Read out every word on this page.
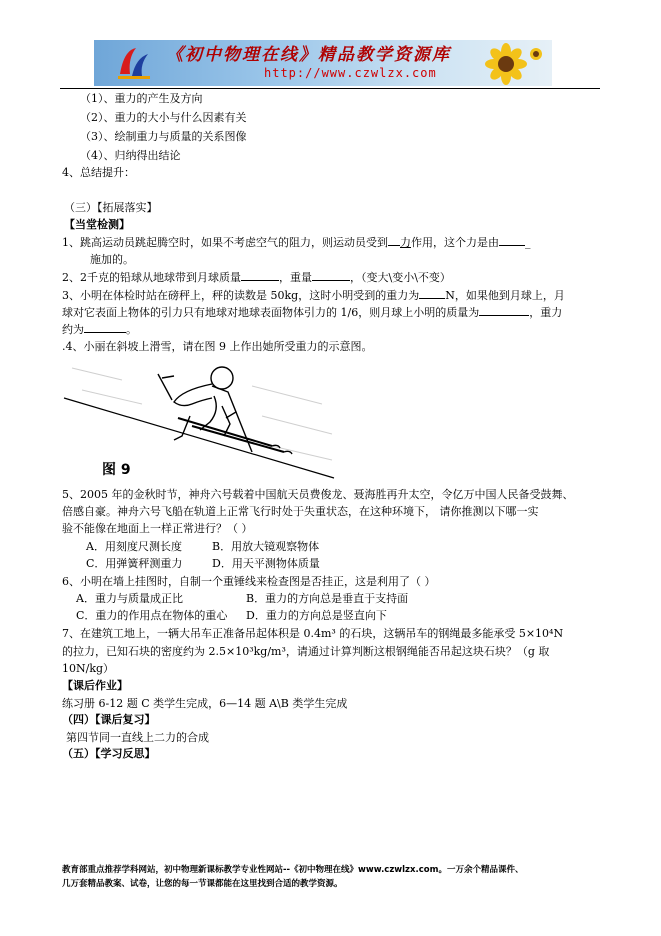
《初中物理在线》精品教学资源库
http://www.czwlzx.com
（1）、重力的产生及方向
（2）、重力的大小与什么因素有关
（3）、绘制重力与质量的关系图像
（4）、归纳得出结论
4、总结提升：
（三）【拓展落实】
【当堂检测】
1、跳高运动员跳起腾空时，如果不考虑空气的阻力，则运动员受到 力作用，这个力是由 _
施加的。
2、2千克的铅球从地球带到月球质量	，重量	，（变大\变小\不变）
3、小明在体检时站在磅秤上，秤的读数是 50kg，这时小明受到的重力为 N，如果他到月球上，月
球对它表面上物体的引力只有地球对地球表面物体引力的 1/6，则月球上小明的质量为	，重力
约为	。
.4、小丽在斜坡上滑雪，请在图 9 上作出她所受重力的示意图。
图 9
5、2005 年的金秋时节，神舟六号载着中国航天员费俊龙、聂海胜再升太空，令亿万中国人民备受鼓舞、
倍感自豪。神舟六号飞船在轨道上正常飞行时处于失重状态，在这种环境下， 请你推测以下哪一实
验不能像在地面上一样正常进行？（ ）
A．用刻度尺测长度	B．用放大镜观察物体
C．用弹簧秤测重力	D．用天平测物体质量
6、小明在墙上挂图时，自制一个重锤线来检查图是否挂正，这是利用了（ ）
A．重力与质量成正比	B．重力的方向总是垂直于支持面
C．重力的作用点在物体的重心 D．重力的方向总是竖直向下
7、在建筑工地上，一辆大吊车正准备吊起体积是 0.4m³ 的石块，这辆吊车的钢绳最多能承受 5×10⁴N
的拉力，已知石块的密度约为 2.5×10³kg/m³，请通过计算判断这根钢绳能否吊起这块石块？（g 取
10N/kg）
【课后作业】
练习册 6-12 题 C 类学生完成，6—14 题 A\B 类学生完成
（四）【课后复习】
第四节同一直线上二力的合成
（五）【学习反思】
教育部重点推荐学科网站，初中物理新课标教学专业性网站--《初中物理在线》www.czwlzx.com。一万余个精品课件、
几万套精品教案、试卷，让您的每一节课都能在这里找到合适的教学资源。
